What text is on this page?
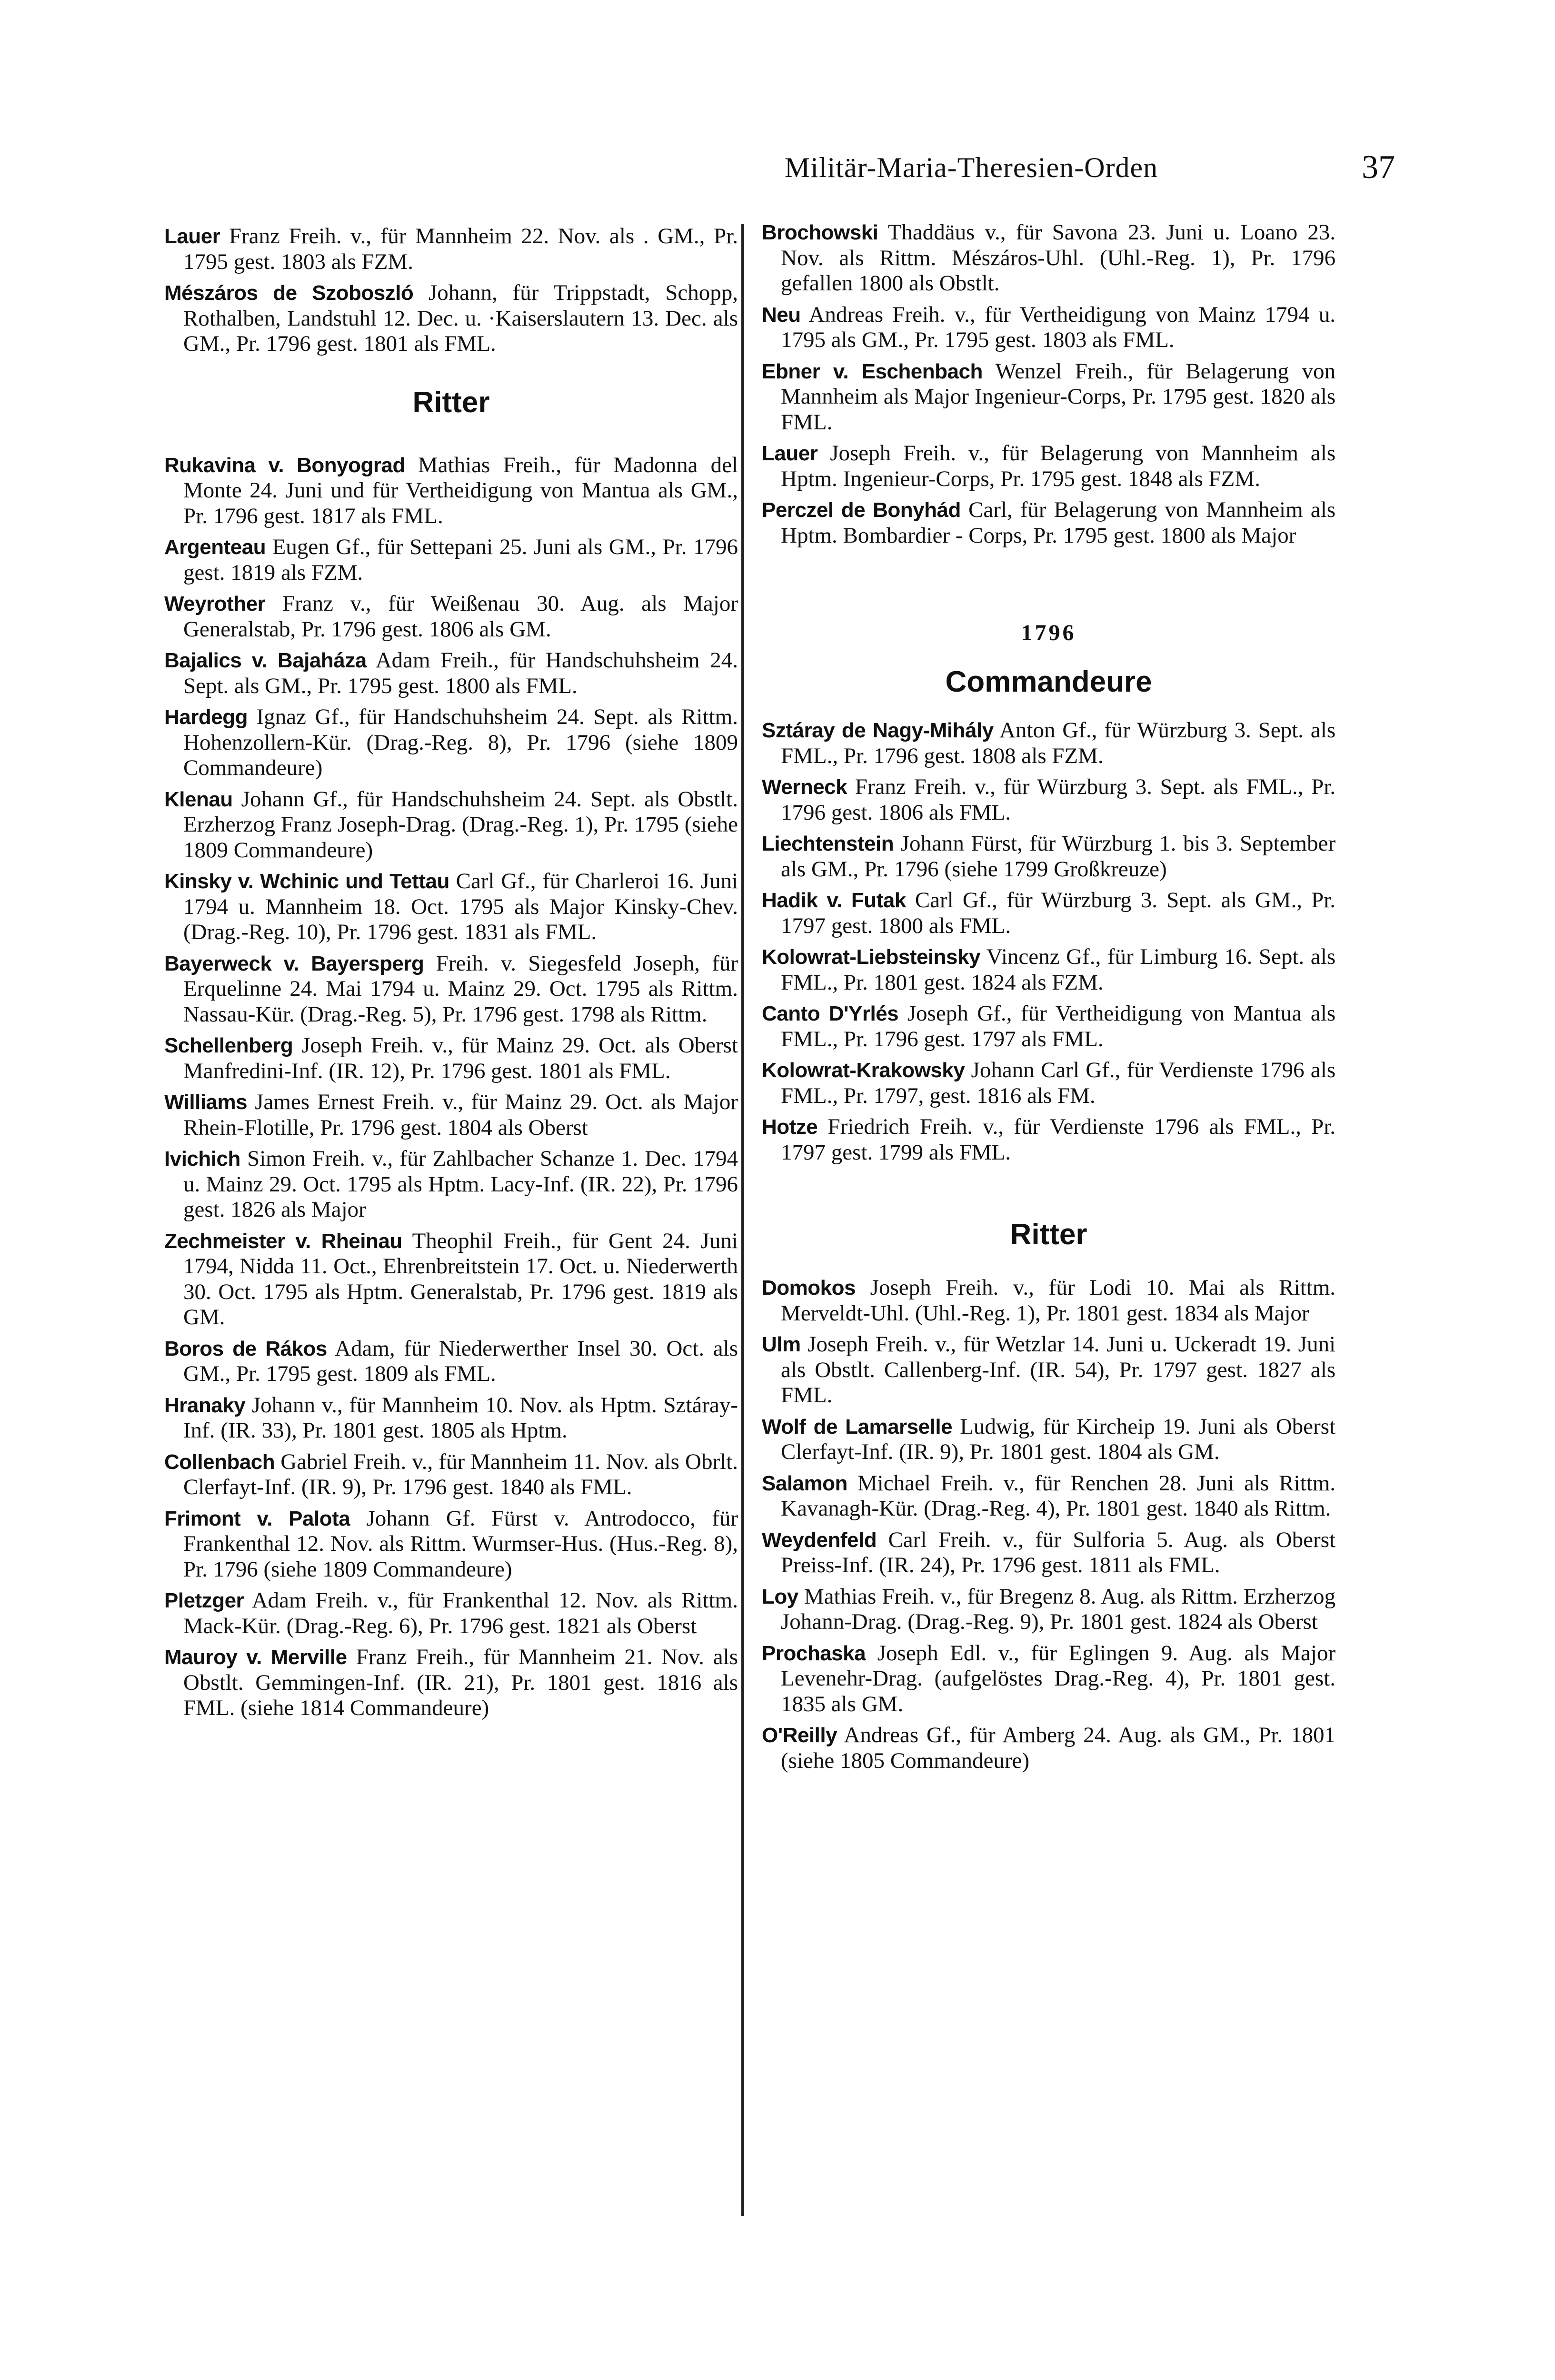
Militär-Maria-Theresien-Orden	37

Lauer Franz Freih. v., für Mannheim 22. Nov. als . GM., Pr. 1795 gest. 1803 als FZM.

Mészáros de Szoboszló Johann, für Trippstadt, Schopp, Rothalben, Landstuhl 12. Dec. u. ·Kaiserslautern 13. Dec. als GM., Pr. 1796 gest. 1801 als FML.

Ritter

Rukavina v. Bonyograd Mathias Freih., für Madonna del Monte 24. Juni und für Vertheidigung von Mantua als GM., Pr. 1796 gest. 1817 als FML.

Argenteau Eugen Gf., für Settepani 25. Juni als GM., Pr. 1796 gest. 1819 als FZM.

Weyrother Franz v., für Weißenau 30. Aug. als Major Generalstab, Pr. 1796 gest. 1806 als GM.

Bajalics v. Bajaháza Adam Freih., für Handschuhsheim 24. Sept. als GM., Pr. 1795 gest. 1800 als FML.

Hardegg Ignaz Gf., für Handschuhsheim 24. Sept. als Rittm. Hohenzollern-Kür. (Drag.-Reg. 8), Pr. 1796 (siehe 1809 Commandeure)

Klenau Johann Gf., für Handschuhsheim 24. Sept. als Obstlt. Erzherzog Franz Joseph-Drag. (Drag.-Reg. 1), Pr. 1795 (siehe 1809 Commandeure)

Kinsky v. Wchinic und Tettau Carl Gf., für Charleroi 16. Juni 1794 u. Mannheim 18. Oct. 1795 als Major Kinsky-Chev. (Drag.-Reg. 10), Pr. 1796 gest. 1831 als FML.

Bayerweck v. Bayersperg Freih. v. Siegesfeld Joseph, für Erquelinne 24. Mai 1794 u. Mainz 29. Oct. 1795 als Rittm. Nassau-Kür. (Drag.-Reg. 5), Pr. 1796 gest. 1798 als Rittm.

Schellenberg Joseph Freih. v., für Mainz 29. Oct. als Oberst Manfredini-Inf. (IR. 12), Pr. 1796 gest. 1801 als FML.

Williams James Ernest Freih. v., für Mainz 29. Oct. als Major Rhein-Flotille, Pr. 1796 gest. 1804 als Oberst

Ivichich Simon Freih. v., für Zahlbacher Schanze 1. Dec. 1794 u. Mainz 29. Oct. 1795 als Hptm. Lacy-Inf. (IR. 22), Pr. 1796 gest. 1826 als Major

Zechmeister v. Rheinau Theophil Freih., für Gent 24. Juni 1794, Nidda 11. Oct., Ehrenbreitstein 17. Oct. u. Niederwerth 30. Oct. 1795 als Hptm. Generalstab, Pr. 1796 gest. 1819 als GM.

Boros de Rákos Adam, für Niederwerther Insel 30. Oct. als GM., Pr. 1795 gest. 1809 als FML.

Hranaky Johann v., für Mannheim 10. Nov. als Hptm. Sztáray-Inf. (IR. 33), Pr. 1801 gest. 1805 als Hptm.

Collenbach Gabriel Freih. v., für Mannheim 11. Nov. als Obrlt. Clerfayt-Inf. (IR. 9), Pr. 1796 gest. 1840 als FML.

Frimont v. Palota Johann Gf. Fürst v. Antrodocco, für Frankenthal 12. Nov. als Rittm. Wurmser-Hus. (Hus.-Reg. 8), Pr. 1796 (siehe 1809 Commandeure)

Pletzger Adam Freih. v., für Frankenthal 12. Nov. als Rittm. Mack-Kür. (Drag.-Reg. 6), Pr. 1796 gest. 1821 als Oberst

Mauroy v. Merville Franz Freih., für Mannheim 21. Nov. als Obstlt. Gemmingen-Inf. (IR. 21), Pr. 1801 gest. 1816 als FML. (siehe 1814 Commandeure)

Brochowski Thaddäus v., für Savona 23. Juni u. Loano 23. Nov. als Rittm. Mészáros-Uhl. (Uhl.-Reg. 1), Pr. 1796 gefallen 1800 als Obstlt.

Neu Andreas Freih. v., für Vertheidigung von Mainz 1794 u. 1795 als GM., Pr. 1795 gest. 1803 als FML.

Ebner v. Eschenbach Wenzel Freih., für Belagerung von Mannheim als Major Ingenieur-Corps, Pr. 1795 gest. 1820 als FML.

Lauer Joseph Freih. v., für Belagerung von Mannheim als Hptm. Ingenieur-Corps, Pr. 1795 gest. 1848 als FZM.

Perczel de Bonyhád Carl, für Belagerung von Mannheim als Hptm. Bombardier - Corps, Pr. 1795 gest. 1800 als Major

1796
Commandeure

Sztáray de Nagy-Mihály Anton Gf., für Würzburg 3. Sept. als FML., Pr. 1796 gest. 1808 als FZM.

Werneck Franz Freih. v., für Würzburg 3. Sept. als FML., Pr. 1796 gest. 1806 als FML.

Liechtenstein Johann Fürst, für Würzburg 1. bis 3. September als GM., Pr. 1796 (siehe 1799 Großkreuze)

Hadik v. Futak Carl Gf., für Würzburg 3. Sept. als GM., Pr. 1797 gest. 1800 als FML.

Kolowrat-Liebsteinsky Vincenz Gf., für Limburg 16. Sept. als FML., Pr. 1801 gest. 1824 als FZM.

Canto D'Yrlés Joseph Gf., für Vertheidigung von Mantua als FML., Pr. 1796 gest. 1797 als FML.

Kolowrat-Krakowsky Johann Carl Gf., für Verdienste 1796 als FML., Pr. 1797, gest. 1816 als FM.

Hotze Friedrich Freih. v., für Verdienste 1796 als FML., Pr. 1797 gest. 1799 als FML.

Ritter

Domokos Joseph Freih. v., für Lodi 10. Mai als Rittm. Merveldt-Uhl. (Uhl.-Reg. 1), Pr. 1801 gest. 1834 als Major

Ulm Joseph Freih. v., für Wetzlar 14. Juni u. Uckeradt 19. Juni als Obstlt. Callenberg-Inf. (IR. 54), Pr. 1797 gest. 1827 als FML.

Wolf de Lamarselle Ludwig, für Kircheip 19. Juni als Oberst Clerfayt-Inf. (IR. 9), Pr. 1801 gest. 1804 als GM.

Salamon Michael Freih. v., für Renchen 28. Juni als Rittm. Kavanagh-Kür. (Drag.-Reg. 4), Pr. 1801 gest. 1840 als Rittm.

Weydenfeld Carl Freih. v., für Sulforia 5. Aug. als Oberst Preiss-Inf. (IR. 24), Pr. 1796 gest. 1811 als FML.

Loy Mathias Freih. v., für Bregenz 8. Aug. als Rittm. Erzherzog Johann-Drag. (Drag.-Reg. 9), Pr. 1801 gest. 1824 als Oberst

Prochaska Joseph Edl. v., für Eglingen 9. Aug. als Major Levenehr-Drag. (aufgelöstes Drag.-Reg. 4), Pr. 1801 gest. 1835 als GM.

O'Reilly Andreas Gf., für Amberg 24. Aug. als GM., Pr. 1801 (siehe 1805 Commandeure)
